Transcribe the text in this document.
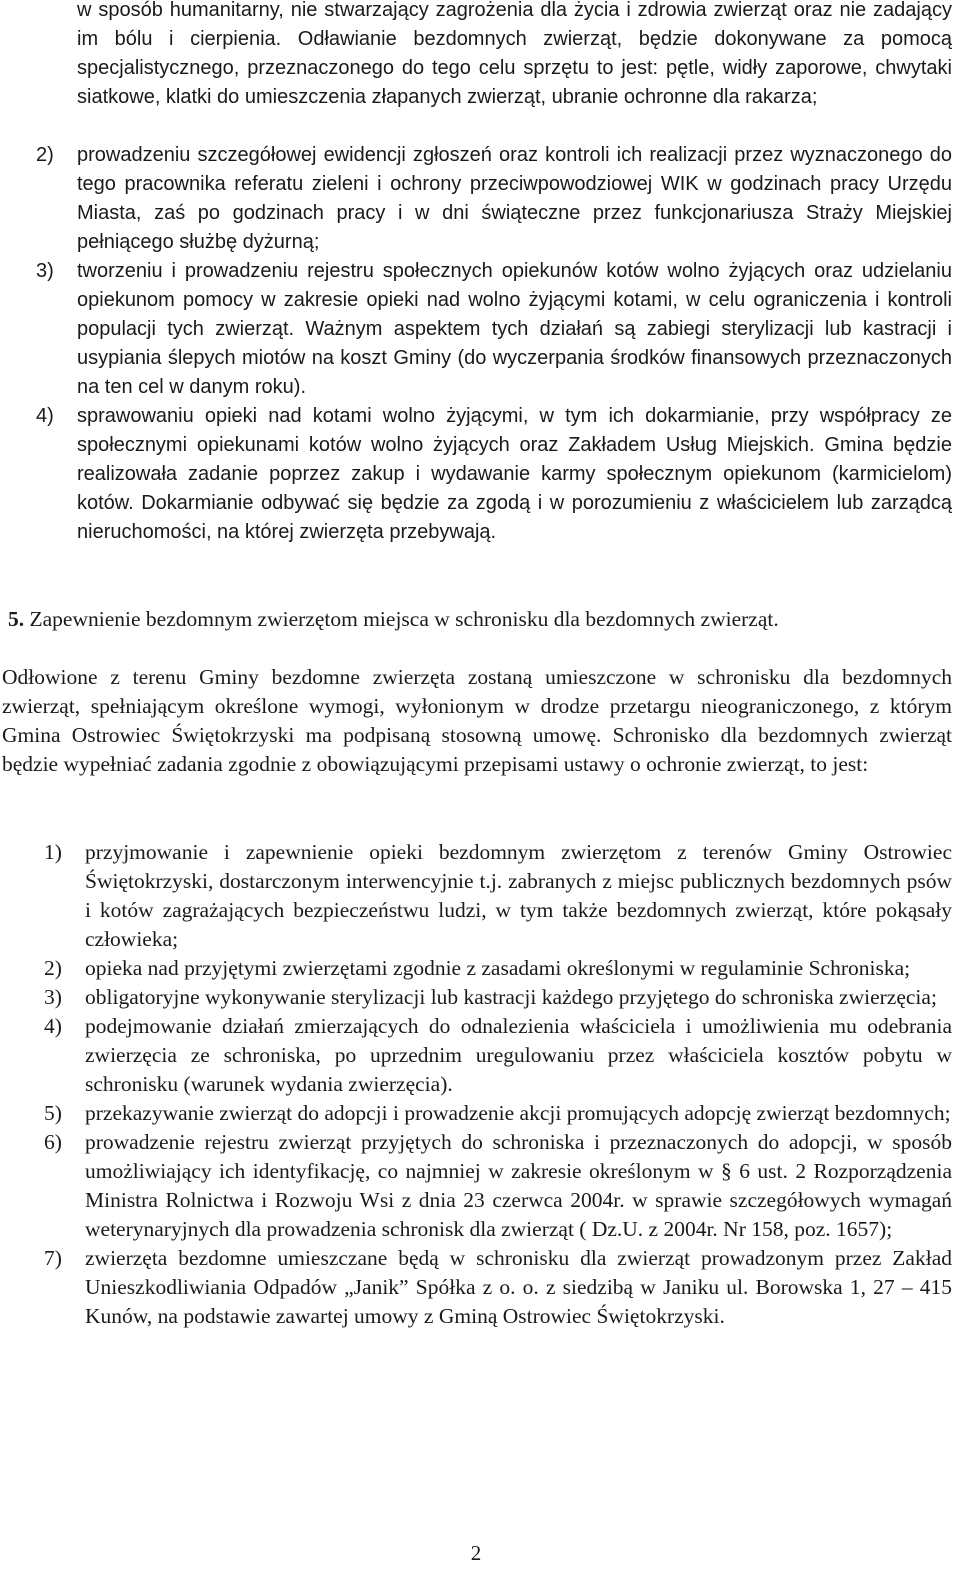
w sposób humanitarny, nie stwarzający zagrożenia dla życia i zdrowia zwierząt oraz nie zadający im bólu i cierpienia. Odławianie bezdomnych zwierząt, będzie dokonywane za pomocą specjalistycznego, przeznaczonego do tego celu sprzętu to jest: pętle, widły zaporowe, chwytaki siatkowe, klatki do umieszczenia złapanych zwierząt, ubranie ochronne dla rakarza;

2)	prowadzeniu szczegółowej ewidencji zgłoszeń oraz kontroli ich realizacji przez wyznaczonego do tego pracownika referatu zieleni i ochrony przeciwpowodziowej WIK w godzinach pracy Urzędu Miasta, zaś po godzinach pracy i w dni świąteczne przez funkcjonariusza Straży Miejskiej pełniącego służbę dyżurną;

3)	tworzeniu i prowadzeniu rejestru społecznych opiekunów kotów wolno żyjących oraz udzielaniu opiekunom pomocy w zakresie opieki nad wolno żyjącymi kotami, w celu ograniczenia i kontroli populacji tych zwierząt. Ważnym aspektem tych działań są zabiegi sterylizacji lub kastracji i usypiania ślepych miotów na koszt Gminy (do wyczerpania środków finansowych przeznaczonych na ten cel w danym roku).

4)	sprawowaniu opieki nad kotami wolno żyjącymi, w tym ich dokarmianie, przy współpracy ze społecznymi opiekunami kotów wolno żyjących oraz Zakładem Usług Miejskich. Gmina będzie realizowała zadanie poprzez zakup i wydawanie karmy społecznym opiekunom (karmicielom) kotów. Dokarmianie odbywać się będzie za zgodą i w porozumieniu z właścicielem lub zarządcą nieruchomości, na której zwierzęta przebywają.

5. Zapewnienie bezdomnym zwierzętom miejsca w schronisku dla bezdomnych zwierząt.

Odłowione z terenu Gminy bezdomne zwierzęta zostaną umieszczone w schronisku dla bezdomnych zwierząt, spełniającym określone wymogi, wyłonionym w drodze przetargu nieograniczonego, z którym Gmina Ostrowiec Świętokrzyski ma podpisaną stosowną umowę. Schronisko dla bezdomnych zwierząt będzie wypełniać zadania zgodnie z obowiązującymi przepisami ustawy o ochronie zwierząt, to jest:

1)	przyjmowanie i zapewnienie opieki bezdomnym zwierzętom z terenów Gminy Ostrowiec Świętokrzyski, dostarczonym interwencyjnie t.j. zabranych z miejsc publicznych bezdomnych psów i kotów zagrażających bezpieczeństwu ludzi, w tym także bezdomnych zwierząt, które pokąsały człowieka;

2)	opieka nad przyjętymi zwierzętami zgodnie z zasadami określonymi w regulaminie Schroniska;

3)	obligatoryjne wykonywanie sterylizacji lub kastracji każdego przyjętego do schroniska zwierzęcia;

4)	podejmowanie działań zmierzających do odnalezienia właściciela i umożliwienia mu odebrania zwierzęcia ze schroniska, po uprzednim uregulowaniu przez właściciela kosztów pobytu w schronisku (warunek wydania zwierzęcia).

5)	przekazywanie zwierząt do adopcji i prowadzenie akcji promujących adopcję zwierząt bezdomnych;

6)	prowadzenie rejestru zwierząt przyjętych do schroniska i przeznaczonych do adopcji, w sposób umożliwiający ich identyfikację, co najmniej w zakresie określonym w § 6 ust. 2 Rozporządzenia Ministra Rolnictwa i Rozwoju Wsi z dnia 23 czerwca 2004r. w sprawie szczegółowych wymagań weterynaryjnych dla prowadzenia schronisk dla zwierząt ( Dz.U. z 2004r. Nr 158, poz. 1657);

7)	zwierzęta bezdomne umieszczane będą w schronisku dla zwierząt prowadzonym przez Zakład Unieszkodliwiania Odpadów „Janik” Spółka z o. o. z siedzibą w Janiku ul. Borowska 1, 27 – 415 Kunów, na podstawie zawartej umowy z Gminą Ostrowiec Świętokrzyski.

2
